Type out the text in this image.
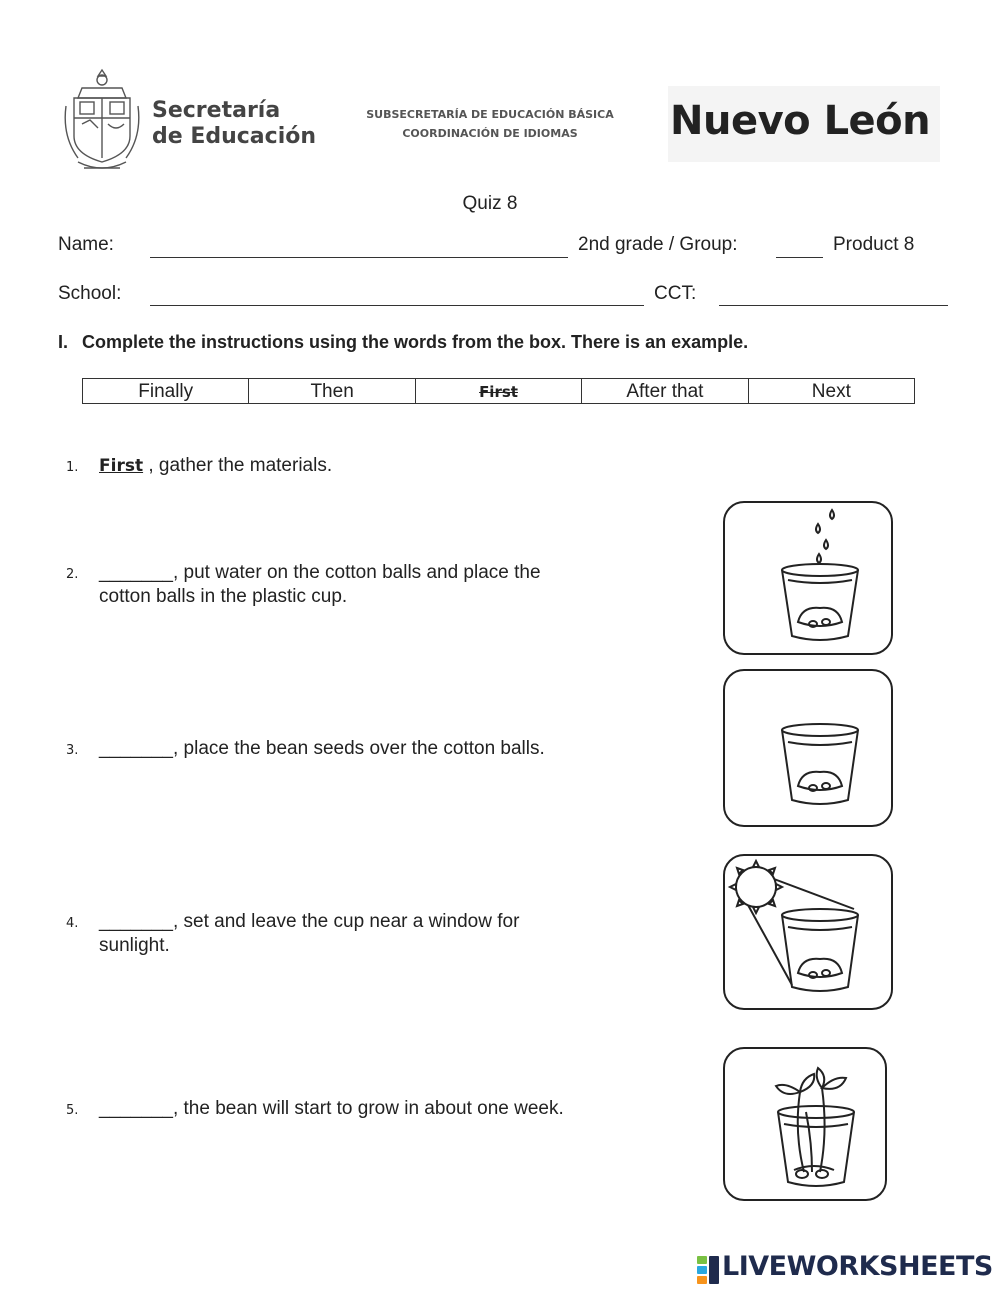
Secretaría
de Educación
SUBSECRETARÍA DE EDUCACIÓN BÁSICA
COORDINACIÓN DE IDIOMAS	Nuevo León
Quiz 8
Name:	2nd grade / Group:	Product 8
School:	CCT:
I. Complete the instructions using the words from the box. There is an example.
Finally	Then	First	After that	Next
1. First , gather the materials.
2. _______, put water on the cotton balls and place the
cotton balls in the plastic cup.
3. _______, place the bean seeds over the cotton balls.
4. _______, set and leave the cup near a window for
sunlight.
5. _______, the bean will start to grow in about one week.
LIVEWORKSHEETS
